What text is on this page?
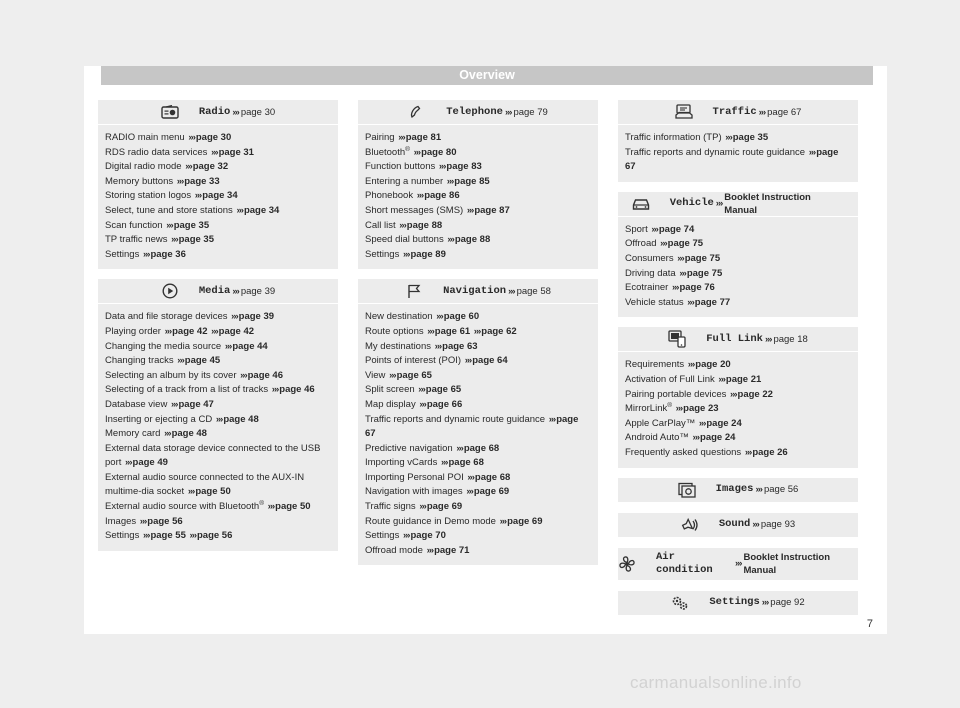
Overview
Radio ››› page 30
RADIO main menu ›››page 30
RDS radio data services ›››page 31
Digital radio mode ›››page 32
Memory buttons ›››page 33
Storing station logos ›››page 34
Select, tune and store stations ›››page 34
Scan function ›››page 35
TP traffic news ›››page 35
Settings ›››page 36
Media ››› page 39
Data and file storage devices ›››page 39
Playing order ›››page 42 ›››page 42
Changing the media source ›››page 44
Changing tracks ›››page 45
Selecting an album by its cover ›››page 46
Selecting of a track from a list of tracks ›››page 46
Database view ›››page 47
Inserting or ejecting a CD ›››page 48
Memory card ›››page 48
External data storage device connected to the USB port ›››page 49
External audio source connected to the AUX-IN multime-dia socket ›››page 50
External audio source with Bluetooth® ›››page 50
Images ›››page 56
Settings ›››page 55 ›››page 56
Telephone ››› page 79
Pairing ›››page 81
Bluetooth® ›››page 80
Function buttons ›››page 83
Entering a number ›››page 85
Phonebook ›››page 86
Short messages (SMS) ›››page 87
Call list ›››page 88
Speed dial buttons ›››page 88
Settings ›››page 89
Navigation ››› page 58
New destination ›››page 60
Route options ›››page 61 ›››page 62
My destinations ›››page 63
Points of interest (POI) ›››page 64
View ›››page 65
Split screen ›››page 65
Map display ›››page 66
Traffic reports and dynamic route guidance ›››page 67
Predictive navigation ›››page 68
Importing vCards ›››page 68
Importing Personal POI ›››page 68
Navigation with images ›››page 69
Traffic signs ›››page 69
Route guidance in Demo mode ›››page 69
Settings ›››page 70
Offroad mode ›››page 71
Traffic ››› page 67
Traffic information (TP) ›››page 35
Traffic reports and dynamic route guidance ›››page 67
Vehicle ›››
Booklet Instruction Manual
Sport ›››page 74
Offroad ›››page 75
Consumers ›››page 75
Driving data ›››page 75
Ecotrainer ›››page 76
Vehicle status ›››page 77
Full Link ››› page 18
Requirements ›››page 20
Activation of Full Link ›››page 21
Pairing portable devices ›››page 22
MirrorLink® ›››page 23
Apple CarPlay™ ›››page 24
Android Auto™ ›››page 24
Frequently asked questions ›››page 26
Images ››› page 56
Sound ››› page 93
Air condition	›››
Booklet Instruction Manual
Settings ››› page 92
7
carmanualsonline.info
